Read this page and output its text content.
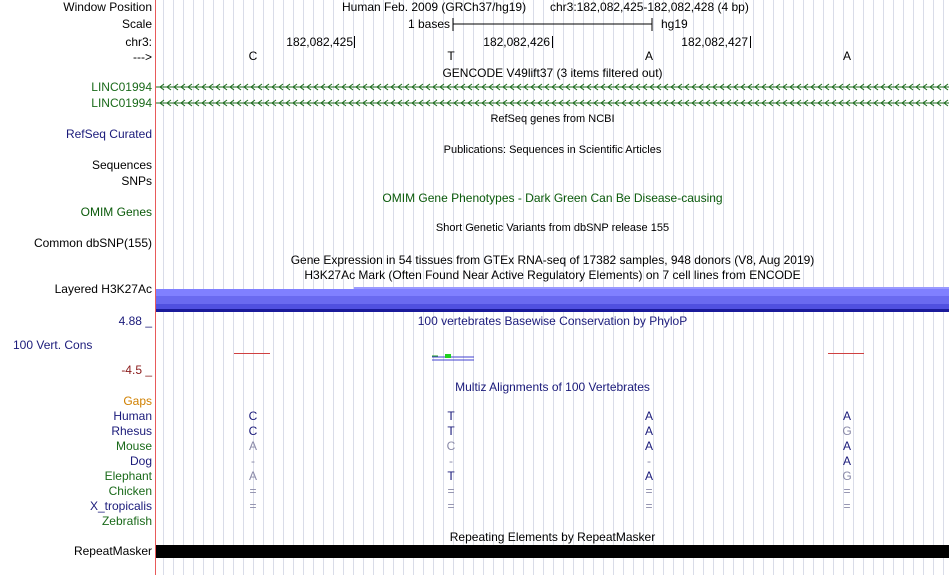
Window Position	Human Feb. 2009 (GRCh37/hg19) chr3:182,082,425-182,082,428 (4 bp)
Scale	1 bases	hg19
chr3:	182,082,425	182,082,426	182,082,427
--->	C	T	A	A
GENCODE V49lift37 (3 items filtered out)
LINC01994
LINC01994
RefSeq genes from NCBI
RefSeq Curated
Publications: Sequences in Scientific Articles
Sequences
SNPs
OMIM Gene Phenotypes - Dark Green Can Be Disease-causing
OMIM Genes
Short Genetic Variants from dbSNP release 155
Common dbSNP(155)
Gene Expression in 54 tissues from GTEx RNA-seq of 17382 samples, 948 donors (V8, Aug 2019)
H3K27Ac Mark (Often Found Near Active Regulatory Elements) on 7 cell lines from ENCODE
Layered H3K27Ac
4.88 _	100 vertebrates Basewise Conservation by PhyloP
100 Vert. Cons
-4.5 _
Multiz Alignments of 100 Vertebrates
Gaps
Human	C	T	A	A
Rhesus	C	T	A	G
Mouse	A	C	A	A
Dog	-	-	-	A
Elephant	A	T	A	G
Chicken	=	=	=	=
X_tropicalis	=	=	=	=
Zebrafish
Repeating Elements by RepeatMasker
RepeatMasker
